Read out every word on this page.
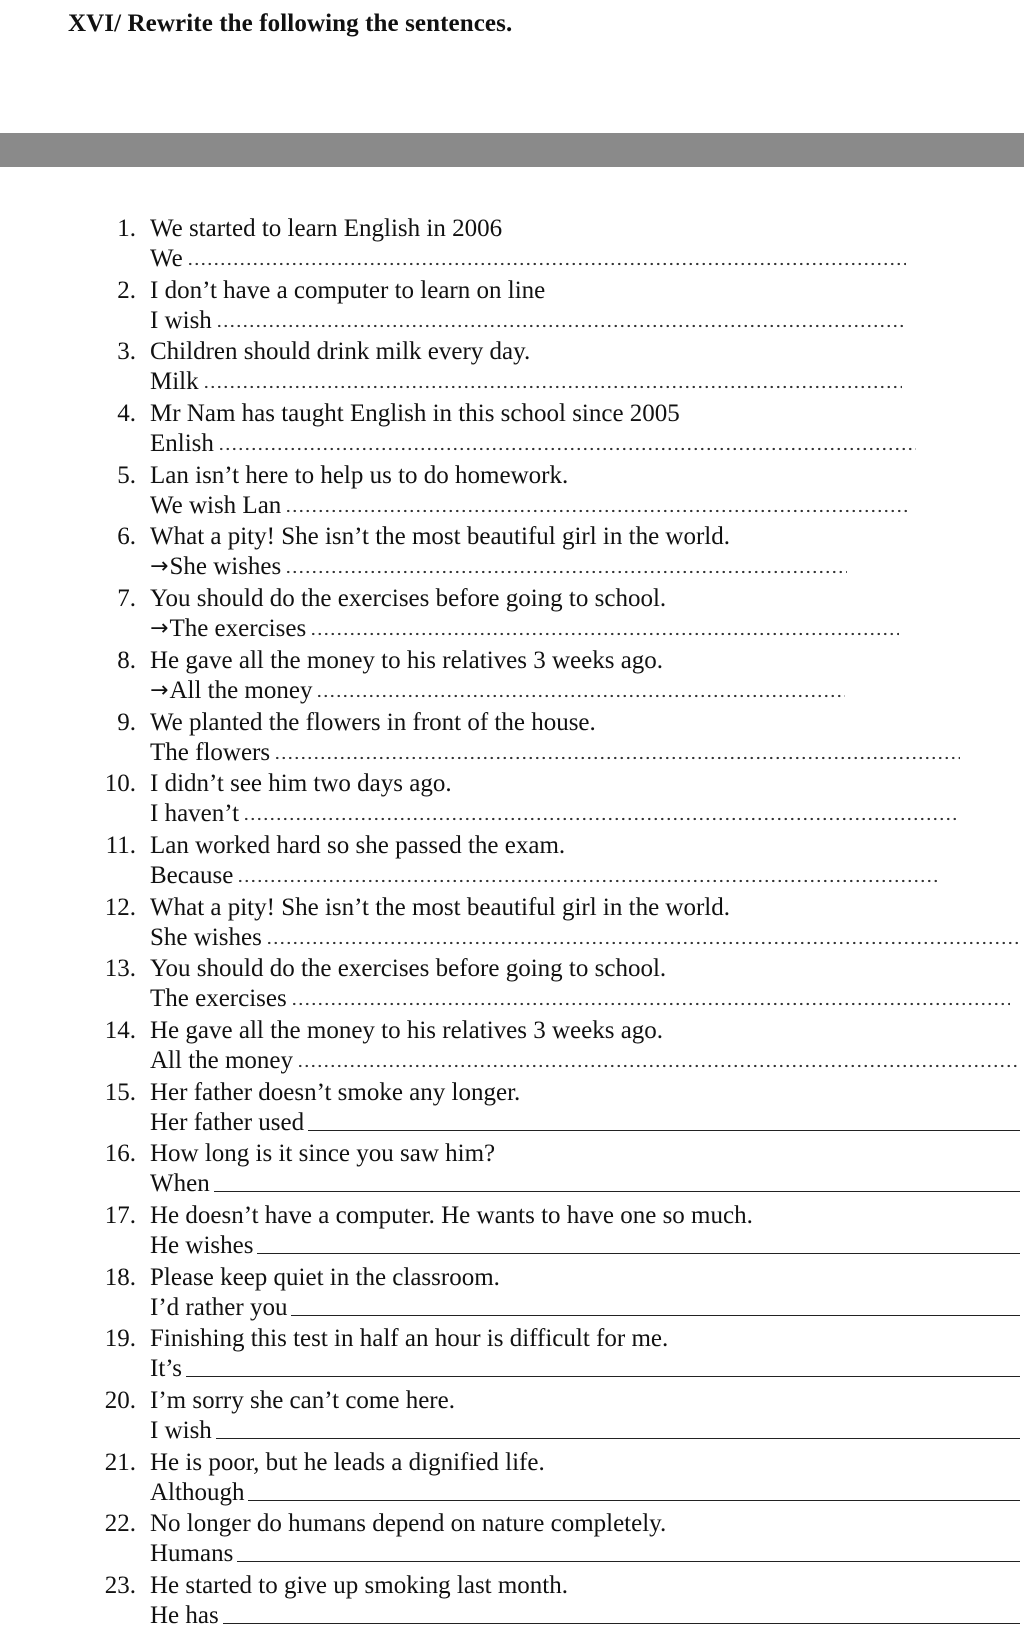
XVI/ Rewrite the following the sentences.
1. We started to learn English in 2006
We
2. I don’t have a computer to learn on line
I wish
3. Children should drink milk every day.
Milk
4. Mr Nam has taught English in this school since 2005
Enlish
5. Lan isn’t here to help us to do homework.
We wish Lan
6. What a pity! She isn’t the most beautiful girl in the world.
→ She wishes
7. You should do the exercises before going to school.
→ The exercises
8. He gave all the money to his relatives 3 weeks ago.
→ All the money
9. We planted the flowers in front of the house.
The flowers
10. I didn’t see him two days ago.
I haven’t
11. Lan worked hard so she passed the exam.
Because
12. What a pity! She isn’t the most beautiful girl in the world.
She wishes
13. You should do the exercises before going to school.
The exercises
14. He gave all the money to his relatives 3 weeks ago.
All the money
15. Her father doesn’t smoke any longer.
Her father used
16. How long is it since you saw him?
When
17. He doesn’t have a computer. He wants to have one so much.
He wishes
18. Please keep quiet in the classroom.
I’d rather you
19. Finishing this test in half an hour is difficult for me.
It’s
20. I’m sorry she can’t come here.
I wish
21. He is poor, but he leads a dignified life.
Although
22. No longer do humans depend on nature completely.
Humans
23. He started to give up smoking last month.
He has
